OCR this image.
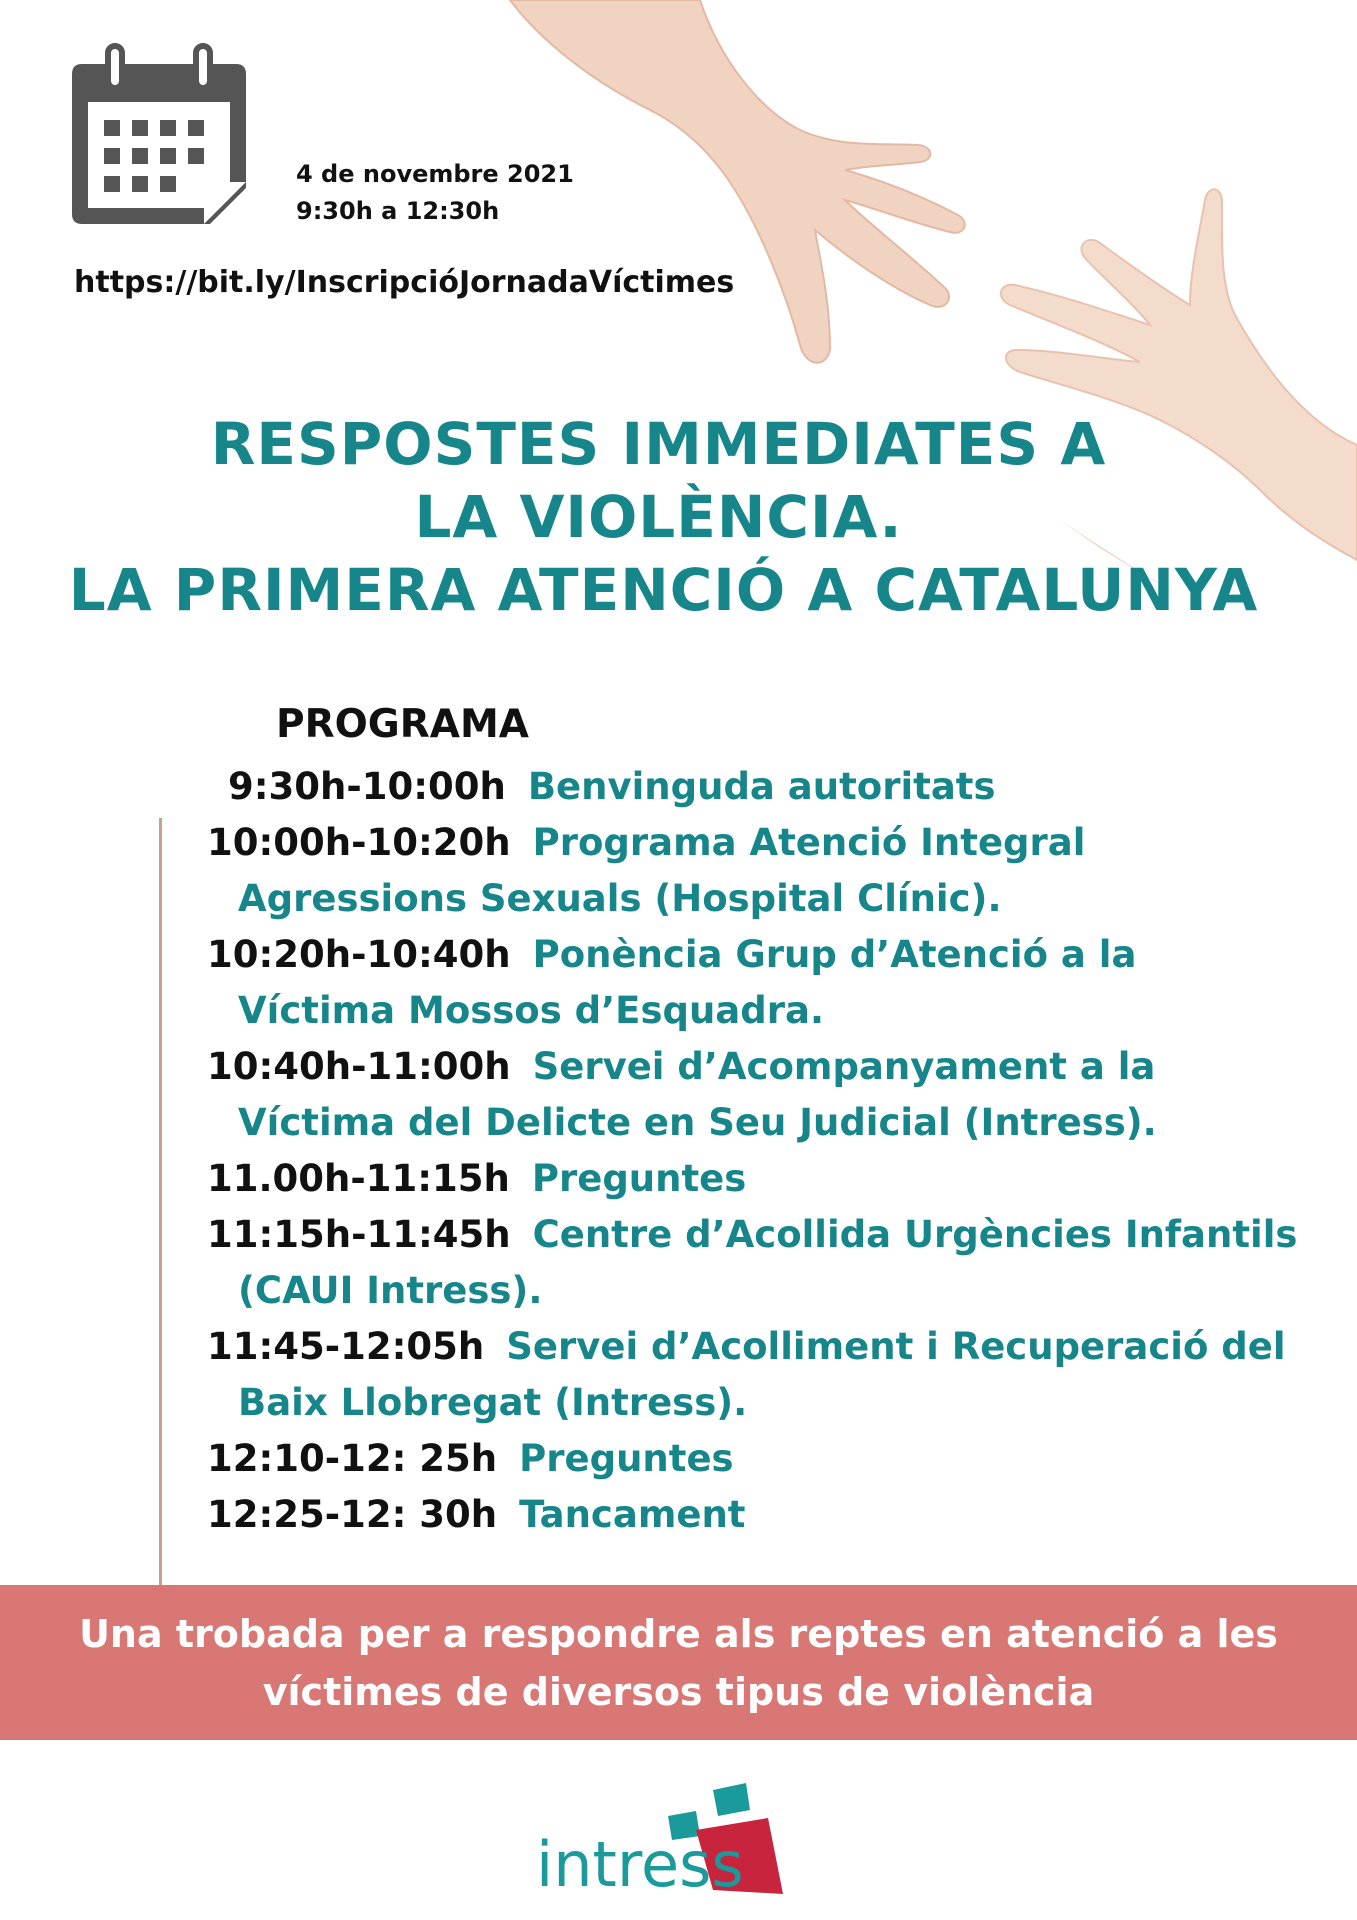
4 de novembre 2021
9:30h a 12:30h
https://bit.ly/InscripcióJornadaVíctimes
RESPOSTES IMMEDIATES A
LA VIOLÈNCIA.
LA PRIMERA ATENCIÓ A CATALUNYA
PROGRAMA
9:30h-10:00h Benvinguda autoritats
10:00h-10:20h Programa Atenció Integral
Agressions Sexuals (Hospital Clínic).
10:20h-10:40h Ponència Grup d’Atenció a la
Víctima Mossos d’Esquadra.
10:40h-11:00h Servei d’Acompanyament a la
Víctima del Delicte en Seu Judicial (Intress).
11.00h-11:15h Preguntes
11:15h-11:45h Centre d’Acollida Urgències Infantils
(CAUI Intress).
11:45-12:05h Servei d’Acolliment i Recuperació del
Baix Llobregat (Intress).
12:10-12: 25h Preguntes
12:25-12: 30h Tancament
Una trobada per a respondre als reptes en atenció a les
víctimes de diversos tipus de violència
intress
